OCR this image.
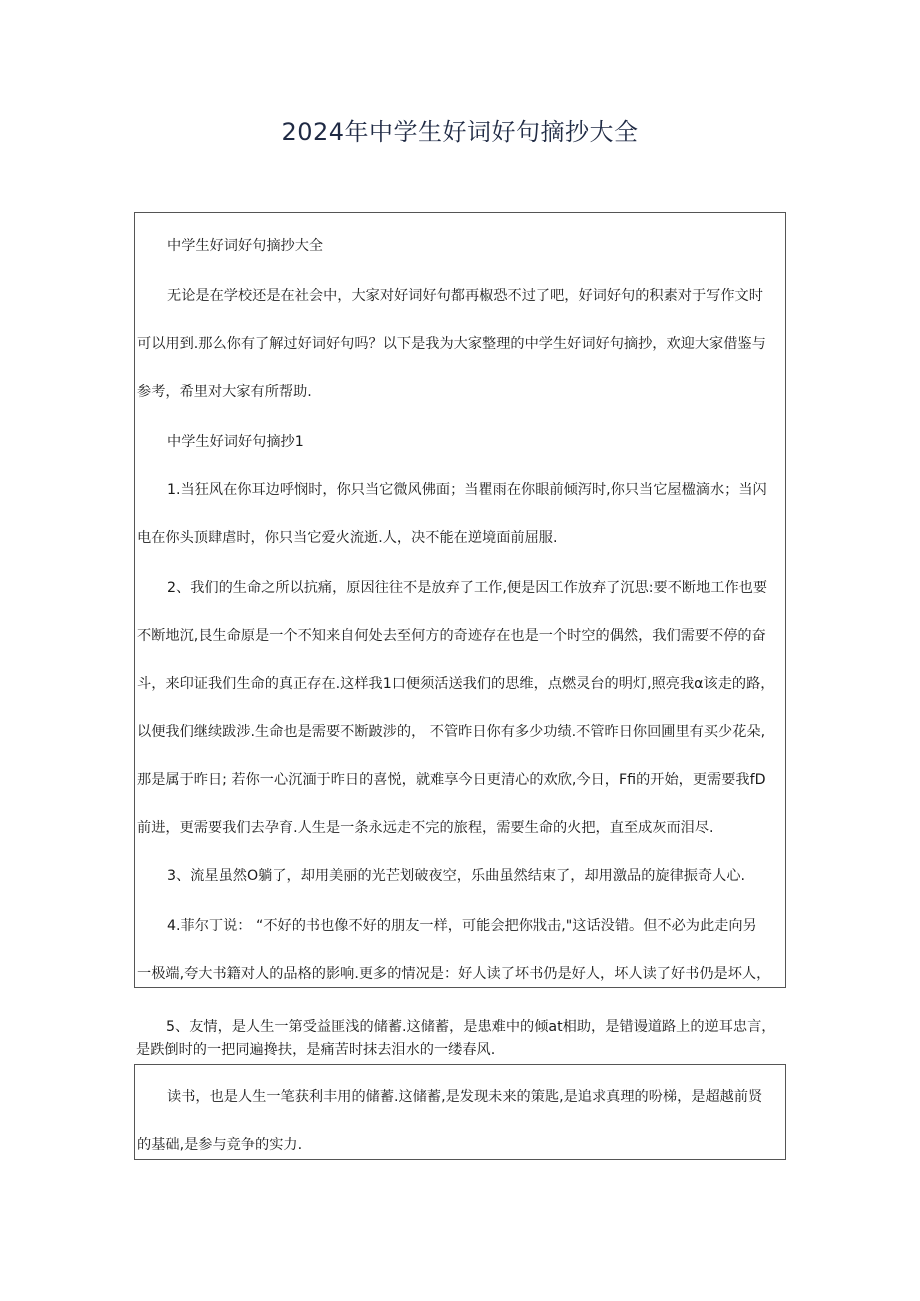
2024年中学生好词好句摘抄大全
中学生好词好句摘抄大全
无论是在学校还是在社会中，大家对好词好句都再椒恐不过了吧，好词好句的积素对于写作文时
可以用到.那么你有了解过好词好句吗？以下是我为大家整理的中学生好词好句摘抄，欢迎大家借鉴与
参考，希里对大家有所帮助.
中学生好词好句摘抄1
1.当狂风在你耳边呼悯时，你只当它微风佛面；当瞿雨在你眼前倾泻时,你只当它屋楹滴水；当闪
电在你头顶肆虐时，你只当它爱火流逝.人，决不能在逆境面前屈服.
2、我们的生命之所以抗痛，原因往往不是放弃了工作,便是因工作放弃了沉思:要不断地工作也要
不断地沉,艮生命原是一个不知来自何处去至何方的奇迹存在也是一个时空的偶然，我们需要不停的奋
斗，来印证我们生命的真正存在.这样我1口便须活送我们的思维，点燃灵台的明灯,照亮我α该走的路，
以便我们继续跋涉.生命也是需要不断跛涉的， 不管昨日你有多少功绩.不管昨日你回圃里有买少花朵,
那是属于昨日; 若你一心沉湎于昨日的喜悦，就难享今日更清心的欢欣,今日，Ffi的开始，更需要我fD
前进，更需要我们去孕育.人生是一条永远走不完的旅程，需要生命的火把，直至成灰而泪尽.
3、流星虽然O躺了，却用美丽的光芒划破夜空，乐曲虽然结束了，却用激品的旋律振奇人心.
4.菲尔丁说： “不好的书也像不好的朋友一样，可能会把你戕击,"这话没错。但不必为此走向另
一极端,夸大书籍对人的品格的影响.更多的情况是：好人读了坏书仍是好人，坏人读了好书仍是坏人，
5、友情，是人生一第受益匪浅的储蓄.这储蓄，是患难中的倾at相助，是错谩道路上的逆耳忠言，
是跌倒时的一把同遍搀扶，是痛苦时抹去泪水的一缕春风.
读书，也是人生一笔获利丰用的储蓄.这储蓄,是发现未来的策匙,是追求真理的吩梯，是超越前贤
的基础,是参与竞争的实力.
